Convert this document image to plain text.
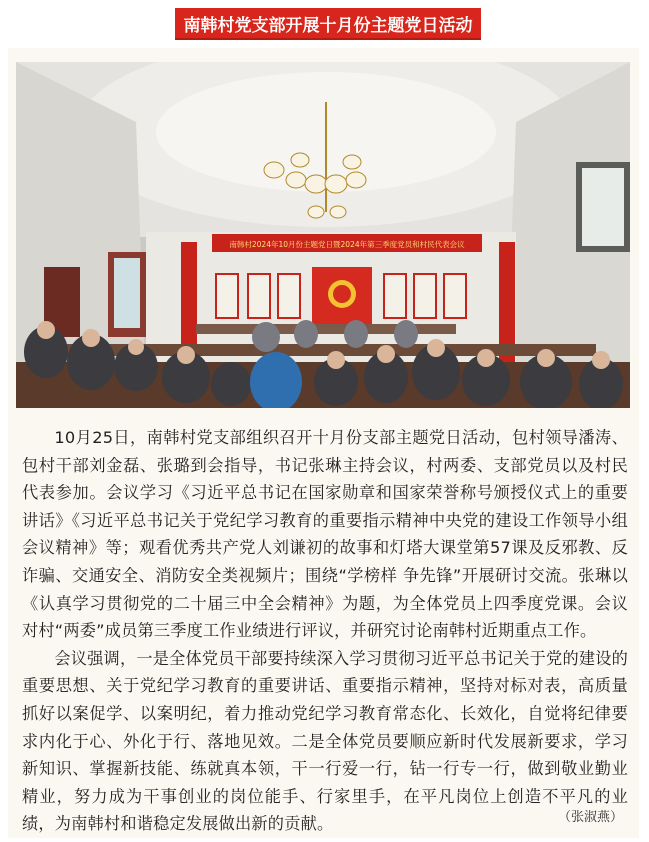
南韩村党支部开展十月份主题党日活动
南韩村2024年10月份主题党日暨2024年第三季度党员和村民代表会议

10月25日，南韩村党支部组织召开十月份支部主题党日活动，包村领导潘涛、包村干部刘金磊、张璐到会指导，书记张琳主持会议，村两委、支部党员以及村民代表参加。会议学习《习近平总书记在国家勋章和国家荣誉称号颁授仪式上的重要讲话》《习近平总书记关于党纪学习教育的重要指示精神中央党的建设工作领导小组会议精神》等；观看优秀共产党人刘谦初的故事和灯塔大课堂第57课及反邪教、反诈骗、交通安全、消防安全类视频片；围绕“学榜样 争先锋”开展研讨交流。张琳以《认真学习贯彻党的二十届三中全会精神》为题，为全体党员上四季度党课。会议对村“两委”成员第三季度工作业绩进行评议，并研究讨论南韩村近期重点工作。

会议强调，一是全体党员干部要持续深入学习贯彻习近平总书记关于党的建设的重要思想、关于党纪学习教育的重要讲话、重要指示精神，坚持对标对表，高质量抓好以案促学、以案明纪，着力推动党纪学习教育常态化、长效化，自觉将纪律要求内化于心、外化于行、落地见效。二是全体党员要顺应新时代发展新要求，学习新知识、掌握新技能、练就真本领，干一行爱一行，钻一行专一行，做到敬业勤业精业，努力成为干事创业的岗位能手、行家里手，在平凡岗位上创造不平凡的业绩，为南韩村和谐稳定发展做出新的贡献。	（张淑燕）
